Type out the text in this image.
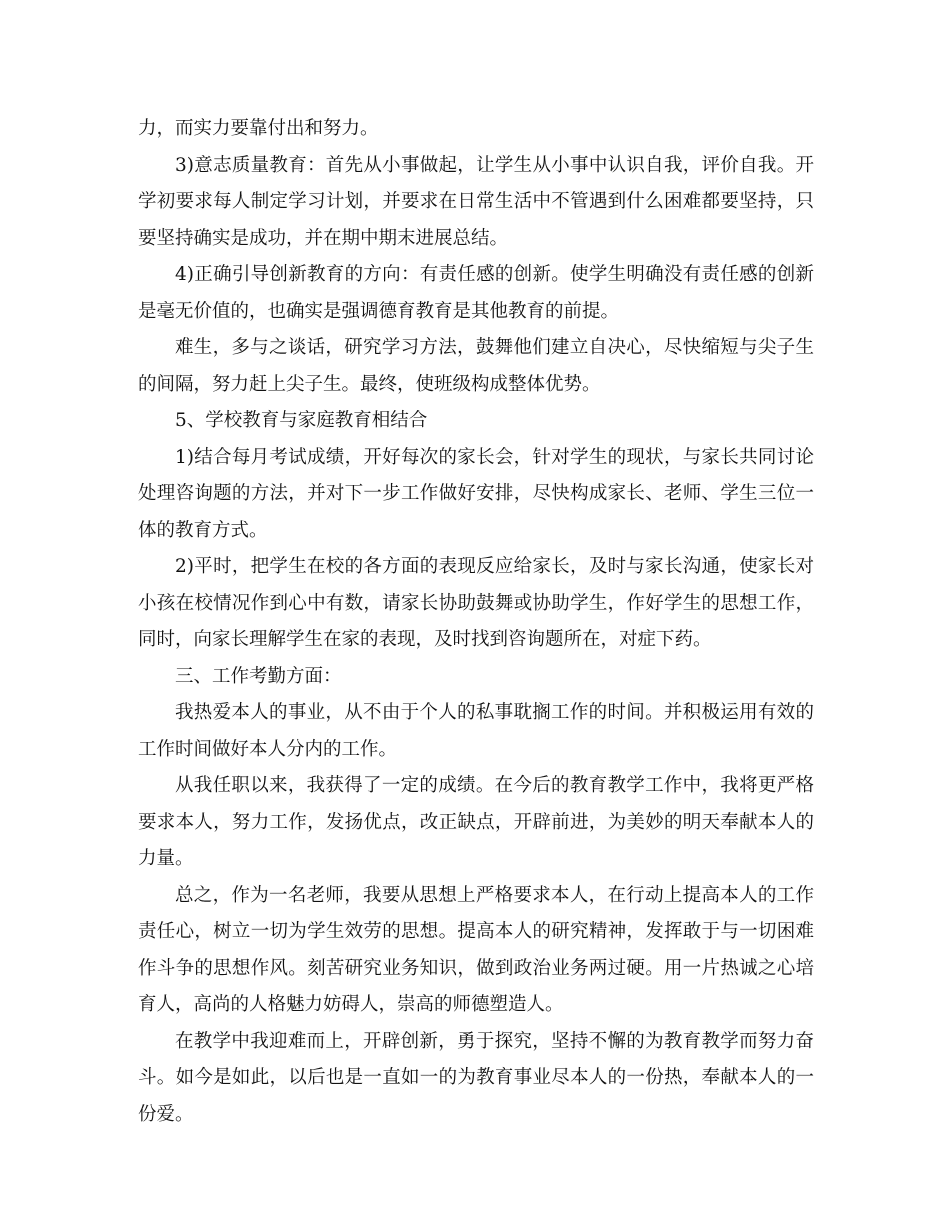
力，而实力要靠付出和努力。

3)意志质量教育：首先从小事做起，让学生从小事中认识自我，评价自我。开学初要求每人制定学习计划，并要求在日常生活中不管遇到什么困难都要坚持，只要坚持确实是成功，并在期中期末进展总结。

4)正确引导创新教育的方向：有责任感的创新。使学生明确没有责任感的创新是毫无价值的，也确实是强调德育教育是其他教育的前提。

难生，多与之谈话，研究学习方法，鼓舞他们建立自决心，尽快缩短与尖子生的间隔，努力赶上尖子生。最终，使班级构成整体优势。

5、学校教育与家庭教育相结合

1)结合每月考试成绩，开好每次的家长会，针对学生的现状，与家长共同讨论处理咨询题的方法，并对下一步工作做好安排，尽快构成家长、老师、学生三位一体的教育方式。

2)平时，把学生在校的各方面的表现反应给家长，及时与家长沟通，使家长对小孩在校情况作到心中有数，请家长协助鼓舞或协助学生，作好学生的思想工作，同时，向家长理解学生在家的表现，及时找到咨询题所在，对症下药。

三、工作考勤方面：

我热爱本人的事业，从不由于个人的私事耽搁工作的时间。并积极运用有效的工作时间做好本人分内的工作。

从我任职以来，我获得了一定的成绩。在今后的教育教学工作中，我将更严格要求本人，努力工作，发扬优点，改正缺点，开辟前进，为美妙的明天奉献本人的力量。

总之，作为一名老师，我要从思想上严格要求本人，在行动上提高本人的工作责任心，树立一切为学生效劳的思想。提高本人的研究精神，发挥敢于与一切困难作斗争的思想作风。刻苦研究业务知识，做到政治业务两过硬。用一片热诚之心培育人，高尚的人格魅力妨碍人，崇高的师德塑造人。

在教学中我迎难而上，开辟创新，勇于探究，坚持不懈的为教育教学而努力奋斗。如今是如此，以后也是一直如一的为教育事业尽本人的一份热，奉献本人的一份爱。
